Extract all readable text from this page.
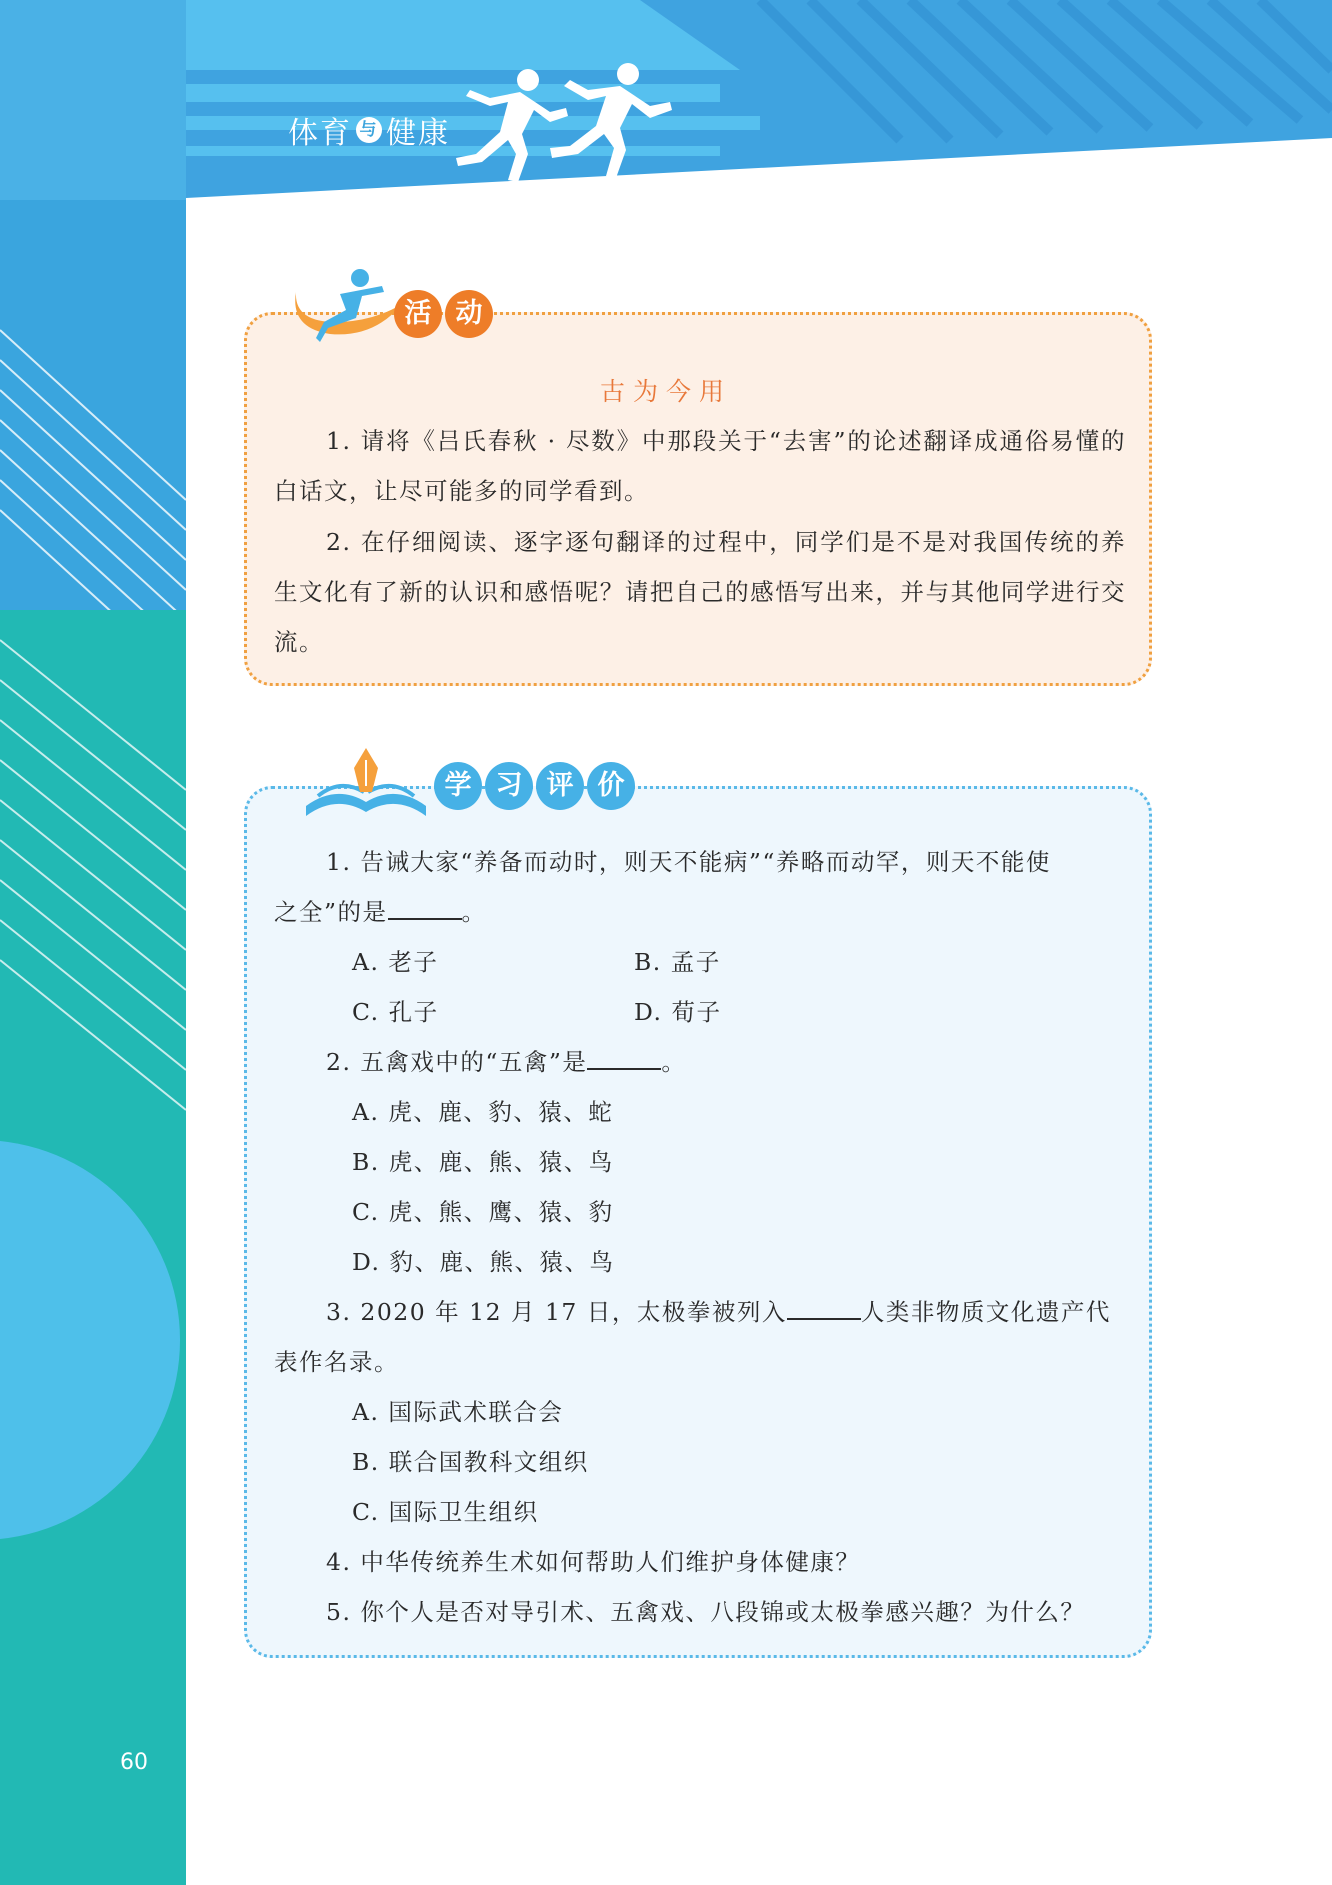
体育 与 健康
60
活 动
古为今用
1. 请将《吕氏春秋 · 尽数》中那段关于“去害”的论述翻译成通俗易懂的白话文，让尽可能多的同学看到。
2. 在仔细阅读、逐字逐句翻译的过程中，同学们是不是对我国传统的养生文化有了新的认识和感悟呢？请把自己的感悟写出来，并与其他同学进行交流。
学 习 评 价
1. 告诫大家“养备而动时，则天不能病”“养略而动罕，则天不能使
之全”的是	。
A. 老子	B. 孟子
C. 孔子	D. 荀子
2. 五禽戏中的“五禽”是	。
A. 虎、鹿、豹、猿、蛇
B. 虎、鹿、熊、猿、鸟
C. 虎、熊、鹰、猿、豹
D. 豹、鹿、熊、猿、鸟
3. 2020 年 12 月 17 日，太极拳被列入	人类非物质文化遗产代
表作名录。
A. 国际武术联合会
B. 联合国教科文组织
C. 国际卫生组织
4. 中华传统养生术如何帮助人们维护身体健康？
5. 你个人是否对导引术、五禽戏、八段锦或太极拳感兴趣？为什么？
